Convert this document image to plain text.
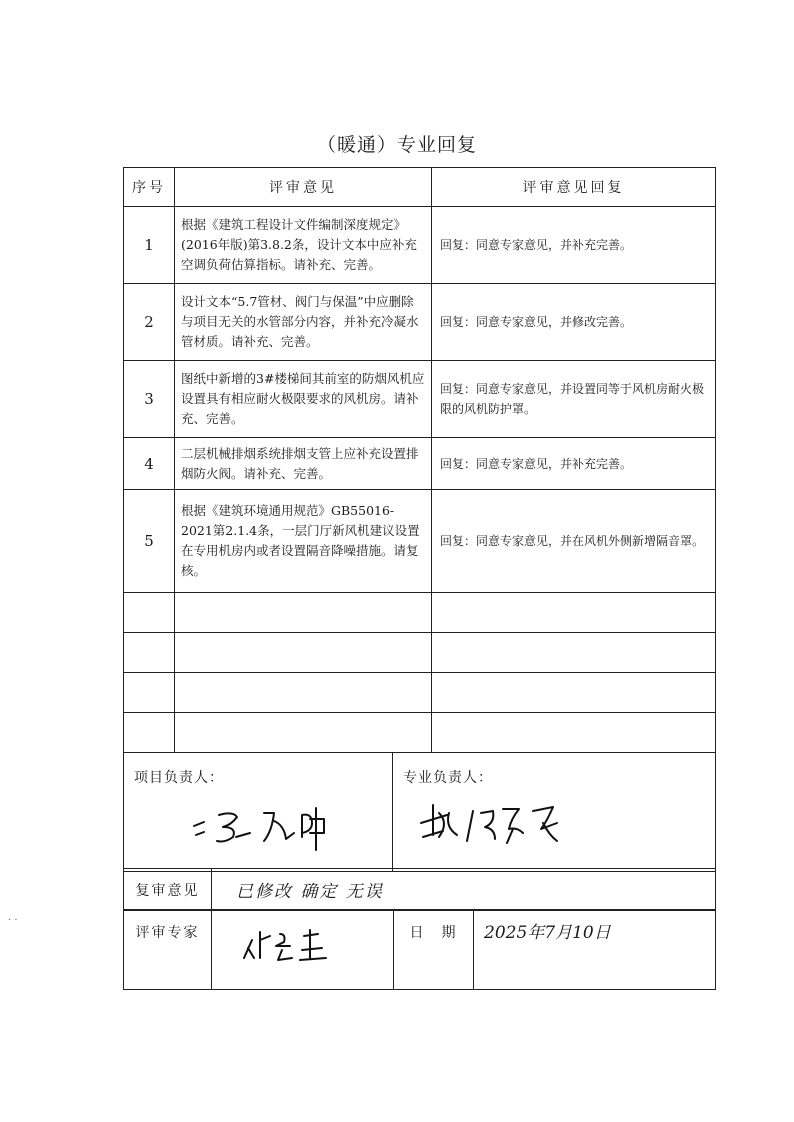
（暖通）专业回复
序号	评审意见	评审意见回复
1	根据《建筑工程设计文件编制深度规定》(2016年版)第3.8.2条，设计文本中应补充空调负荷估算指标。请补充、完善。	回复：同意专家意见，并补充完善。
2	设计文本“5.7管材、阀门与保温”中应删除与项目无关的水管部分内容，并补充冷凝水管材质。请补充、完善。	回复：同意专家意见，并修改完善。
3	图纸中新增的3#楼梯间其前室的防烟风机应设置具有相应耐火极限要求的风机房。请补充、完善。	回复：同意专家意见，并设置同等于风机房耐火极限的风机防护罩。
4	二层机械排烟系统排烟支管上应补充设置排烟防火阀。请补充、完善。	回复：同意专家意见，并补充完善。
5	根据《建筑环境通用规范》GB55016-2021第2.1.4条，一层门厅新风机建议设置在专用机房内或者设置隔音降噪措施。请复核。	回复：同意专家意见，并在风机外侧新增隔音罩。

项目负责人：	专业负责人：
复审意见	已修改 确定 无误
评审专家		日　期	2025年7月10日
· ·
